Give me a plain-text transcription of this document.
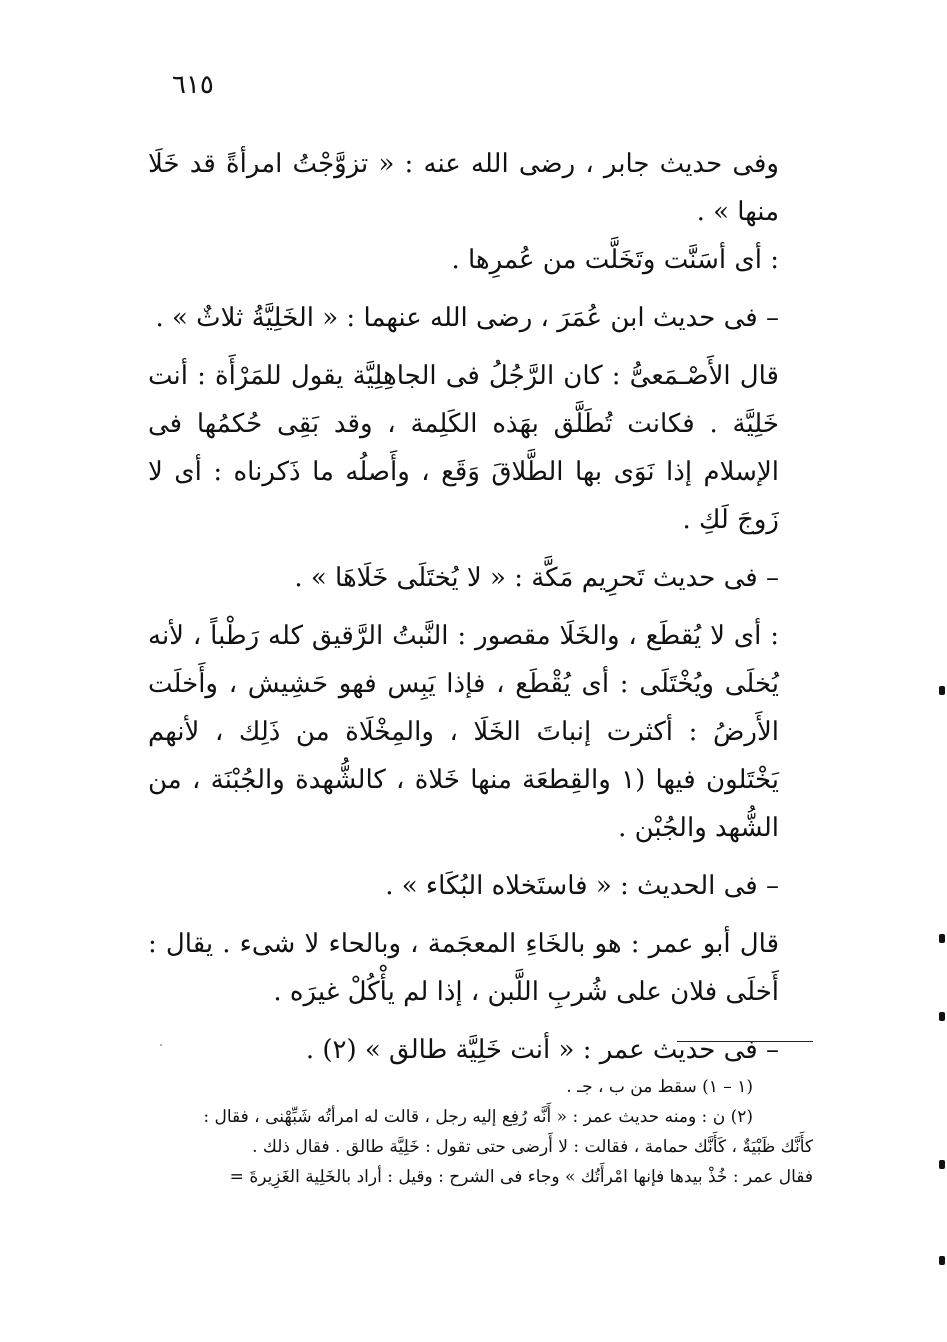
٦١٥

وفى حديث جابر ، رضى الله عنه : « تزوَّجْتُ امرأةً قد خَلَا منها » .

: أى أسَنَّت وتَخَلَّت من عُمرِها .

– فى حديث ابن عُمَرَ ، رضى الله عنهما : « الخَلِيَّةُ ثلاثٌ » .

قال الأَصْـمَعىُّ : كان الرَّجُلُ فى الجاهِلِيَّة يقول للمَرْأَة : أنت خَلِيَّة . فكانت تُطَلَّق بهَذه الكَلِمة ، وقد بَقِى حُكمُها فى الإسلام إذا نَوَى بها الطَّلاقَ وَقَع ، وأَصلُه ما ذَكرناه : أى لا زَوجَ لَكِ .

– فى حديث تَحرِيم مَكَّة : « لا يُختَلَى خَلَاهَا » .

: أى لا يُقطَع ، والخَلَا مقصور : النَّبتُ الرَّقيق كله رَطْباً ، لأنه يُخلَى ويُخْتَلَى : أى يُقْطَع ، فإذا يَبِس فهو حَشِيش ، وأَخلَت الأَرضُ : أكثرت إنباتَ الخَلَا ، والمِخْلَاة من ذَلِك ، لأنهم يَخْتَلون فيها (١ والقِطعَة منها خَلاة ، كالشُّهدة والجُبْنَة ، من الشُّهد والجُبْن .

– فى الحديث : « فاستَخلاه البُكَاء » .

قال أبو عمر : هو بالخَاءِ المعجَمة ، وبالحاء لا شىء . يقال : أَخلَى فلان على شُربِ اللَّبن ، إذا لم يأْكُلْ غيرَه .

– فى حديث عمر : « أنت خَلِيَّة طالق » (٢) .

(١ – ١) سقط من ب ، جـ .

(٢) ن : ومنه حديث عمر : « أَنَّه رُفِع إليه رجل ، قالت له امرأتُه شَبِّهْنى ، فقال :

كأَنَّك ظَبْيَةٌ ، كَأَنَّك حمامة ، فقالت : لا أَرضى حتى تقول : خَلِيَّة طالق . فقال ذلك .

فقال عمر : خُذْ بيدها فإنها امْرأَتُك » وجاء فى الشرح : وقيل : أراد بالخَلِية الغَزِيرةَ =
